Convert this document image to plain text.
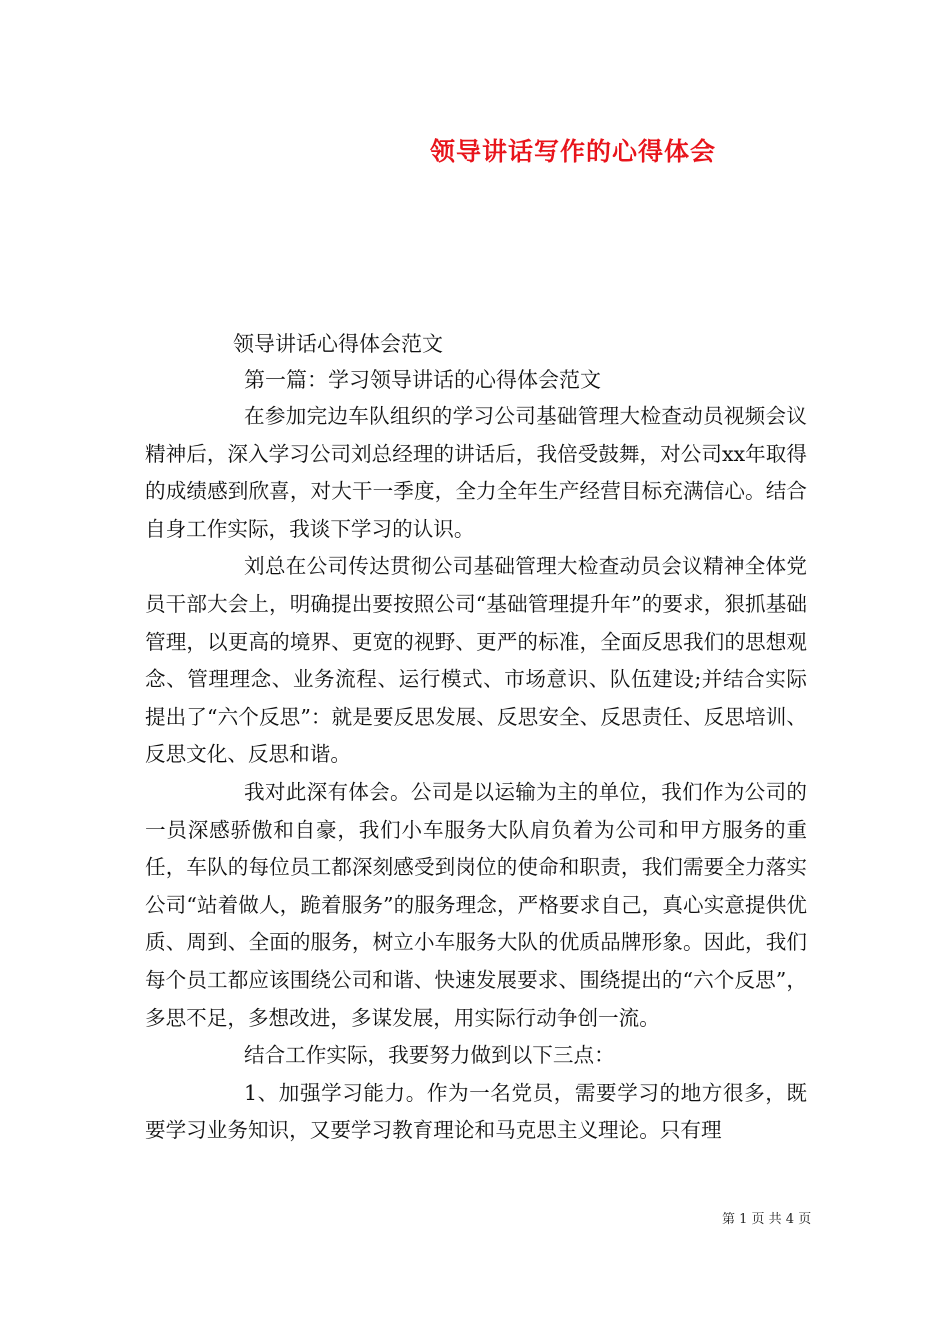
领导讲话写作的心得体会
领导讲话心得体会范文
第一篇：学习领导讲话的心得体会范文

在参加完边车队组织的学习公司基础管理大检查动员视频会议精神后，深入学习公司刘总经理的讲话后，我倍受鼓舞，对公司xx年取得的成绩感到欣喜，对大干一季度，全力全年生产经营目标充满信心。结合自身工作实际，我谈下学习的认识。

刘总在公司传达贯彻公司基础管理大检查动员会议精神全体党员干部大会上，明确提出要按照公司“基础管理提升年”的要求，狠抓基础管理，以更高的境界、更宽的视野、更严的标准，全面反思我们的思想观念、管理理念、业务流程、运行模式、市场意识、队伍建设;并结合实际提出了“六个反思”：就是要反思发展、反思安全、反思责任、反思培训、反思文化、反思和谐。

我对此深有体会。公司是以运输为主的单位，我们作为公司的一员深感骄傲和自豪，我们小车服务大队肩负着为公司和甲方服务的重任，车队的每位员工都深刻感受到岗位的使命和职责，我们需要全力落实公司“站着做人，跪着服务”的服务理念，严格要求自己，真心实意提供优质、周到、全面的服务，树立小车服务大队的优质品牌形象。因此，我们每个员工都应该围绕公司和谐、快速发展要求、围绕提出的“六个反思”，多思不足，多想改进，多谋发展，用实际行动争创一流。

结合工作实际，我要努力做到以下三点：

1、加强学习能力。作为一名党员，需要学习的地方很多，既要学习业务知识，又要学习教育理论和马克思主义理论。只有理

第 1 页 共 4 页
